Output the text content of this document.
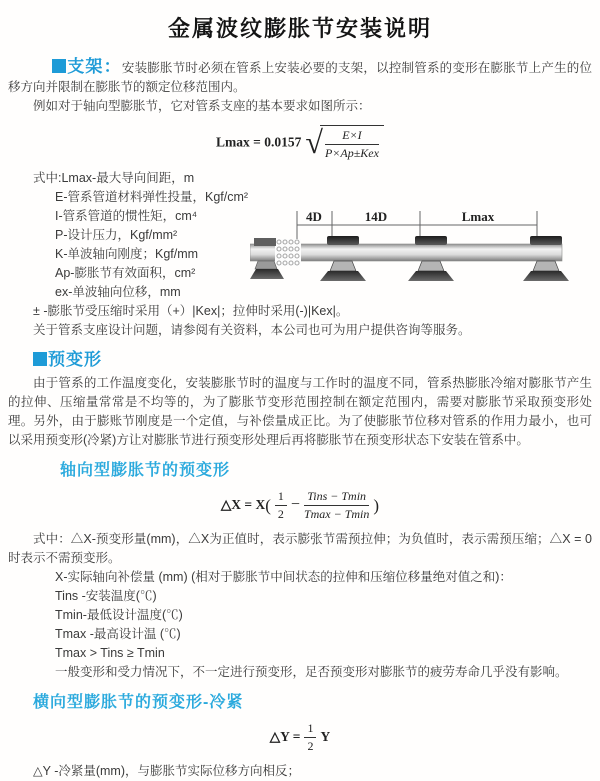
金属波纹膨胀节安装说明

支架：安装膨胀节时必须在管系上安装必要的支架，以控制管系的变形在膨胀节上产生的位移方向并限制在膨胀节的额定位移范围内。

例如对于轴向型膨胀节，它对管系支座的基本要求如图所示：

Lmax = 0.0157 √ $\frac{E\times I}{\text{P×Ap±Kex}}$
式中:Lmax-最大导向间距，m
E-管系管道材料弹性投量，Kgf/cm²
I-管系管道的惯性矩，cm⁴
P-设计压力，Kgf/mm²
K-单波轴向刚度；Kgf/mm
Ap-膨胀节有效面积，cm²
ex-单波轴向位移，mm
± -膨胀节受压缩时采用（+）|Kex|；拉伸时采用(-)|Kex|。
关于管系支座设计问题，请参阅有关资料，本公司也可为用户提供咨询等服务。
预变形

由于管系的工作温度变化，安装膨胀节时的温度与工作时的温度不同，管系热膨胀冷缩对膨胀节产生的拉伸、压缩量常常是不均等的，为了膨胀节变形范围控制在额定范围内，需要对膨胀节采取预变形处理。另外，由于膨账节刚度是一个定值，与补偿量成正比。为了使膨胀节位移对管系的作用力最小，也可以采用预变形(冷紧)方让对膨胀节进行预变形处理后再将膨胀节在预变形状态下安装在管系中。

轴向型膨胀节的预变形
△X = $X( \frac{1}{2} - \frac{\text{Tins − Tmin}}{Tmax - Tmin}$ )

式中：△X-预变形量(mm)，△X为正值时，表示膨张节需预拉伸；为负值时，表示需预压缩；△X = 0时表示不需预变形。

X-实际轴向补偿量 (mm) (相对于膨胀节中间状态的拉伸和压缩位移量绝对值之和)：
Tins -安装温度(℃)
Tmin-最低设计温度(℃)
Tmax -最高设计温 (℃)
Tmax > Tins ≥ Tmin
一般变形和受力情况下，不一定进行预变形，足否预变形对膨胀节的疲劳寿命几乎没有影响。
横向型膨胀节的预变形-冷紧
△Y = $\frac{1}{2}$ Y

△Y -冷紧量(mm)，与膨胀节实际位移方向相反；

4D	14D	Lmax
